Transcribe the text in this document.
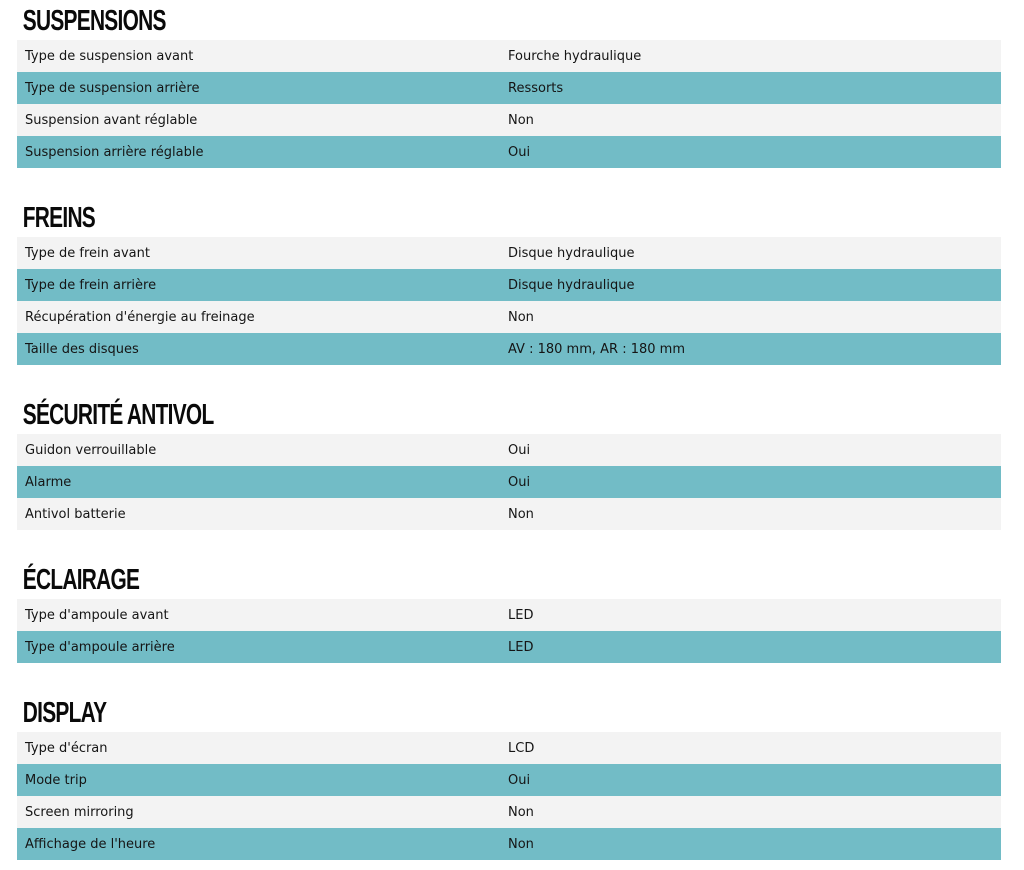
SUSPENSIONS
Type de suspension avant	Fourche hydraulique
Type de suspension arrière	Ressorts
Suspension avant réglable	Non
Suspension arrière réglable	Oui
FREINS
Type de frein avant	Disque hydraulique
Type de frein arrière	Disque hydraulique
Récupération d'énergie au freinage	Non
Taille des disques	AV : 180 mm, AR : 180 mm
SÉCURITÉ ANTIVOL
Guidon verrouillable	Oui
Alarme	Oui
Antivol batterie	Non
ÉCLAIRAGE
Type d'ampoule avant	LED
Type d'ampoule arrière	LED
DISPLAY
Type d'écran	LCD
Mode trip	Oui
Screen mirroring	Non
Affichage de l'heure	Non
